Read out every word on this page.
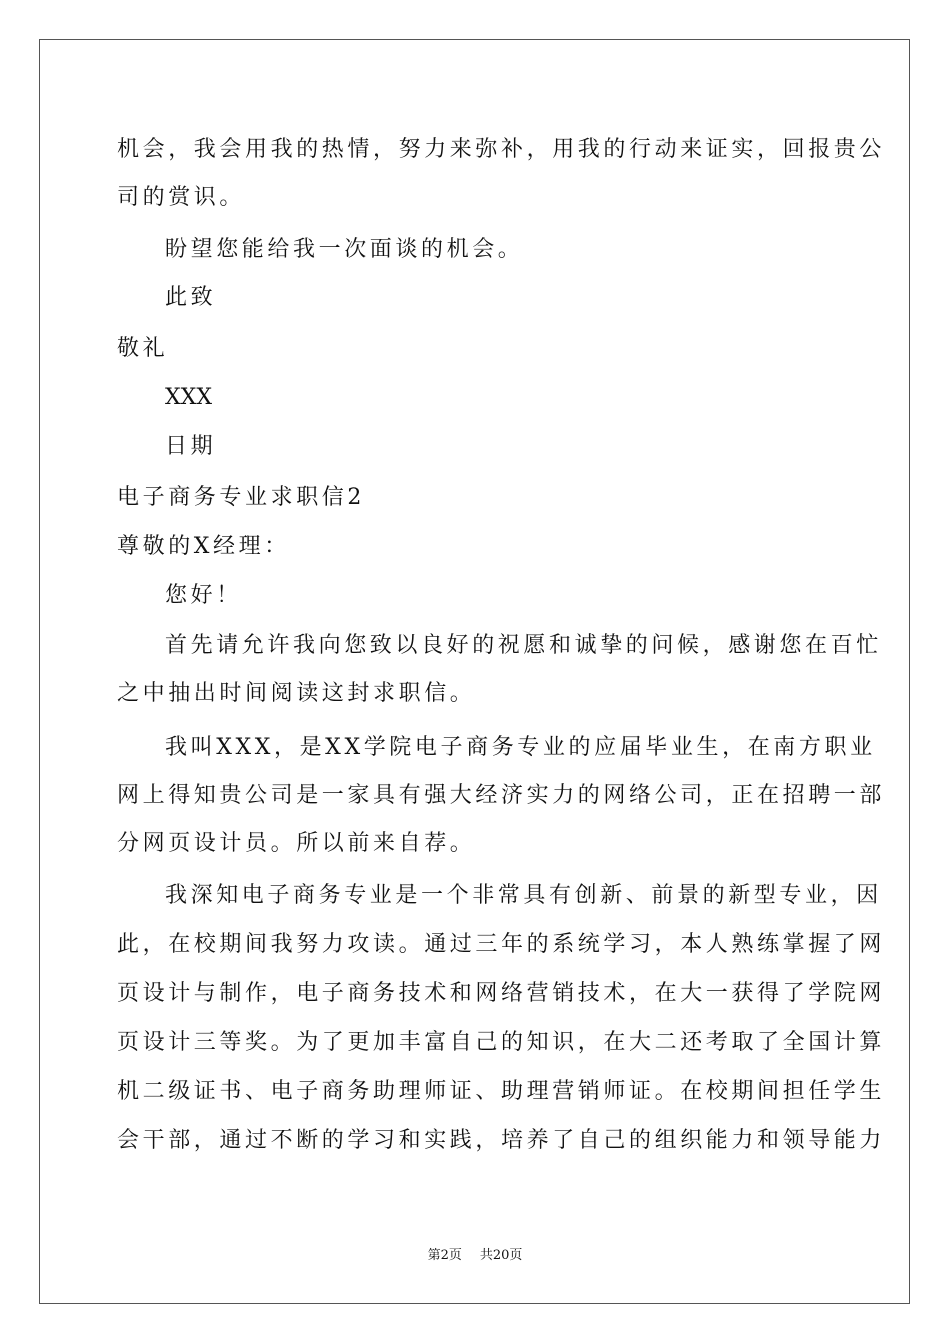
机会，我会用我的热情，努力来弥补，用我的行动来证实，回报贵公
司的赏识。
盼望您能给我一次面谈的机会。
此致
敬礼
XXX
日期
电子商务专业求职信2
尊敬的X经理：
您好！
首先请允许我向您致以良好的祝愿和诚挚的问候，感谢您在百忙
之中抽出时间阅读这封求职信。
我叫XXX，是XX学院电子商务专业的应届毕业生，在南方职业
网上得知贵公司是一家具有强大经济实力的网络公司，正在招聘一部
分网页设计员。所以前来自荐。
我深知电子商务专业是一个非常具有创新、前景的新型专业，因
此，在校期间我努力攻读。通过三年的系统学习，本人熟练掌握了网
页设计与制作，电子商务技术和网络营销技术，在大一获得了学院网
页设计三等奖。为了更加丰富自己的知识，在大二还考取了全国计算
机二级证书、电子商务助理师证、助理营销师证。在校期间担任学生
会干部，通过不断的学习和实践，培养了自己的组织能力和领导能力
第2页 共20页
